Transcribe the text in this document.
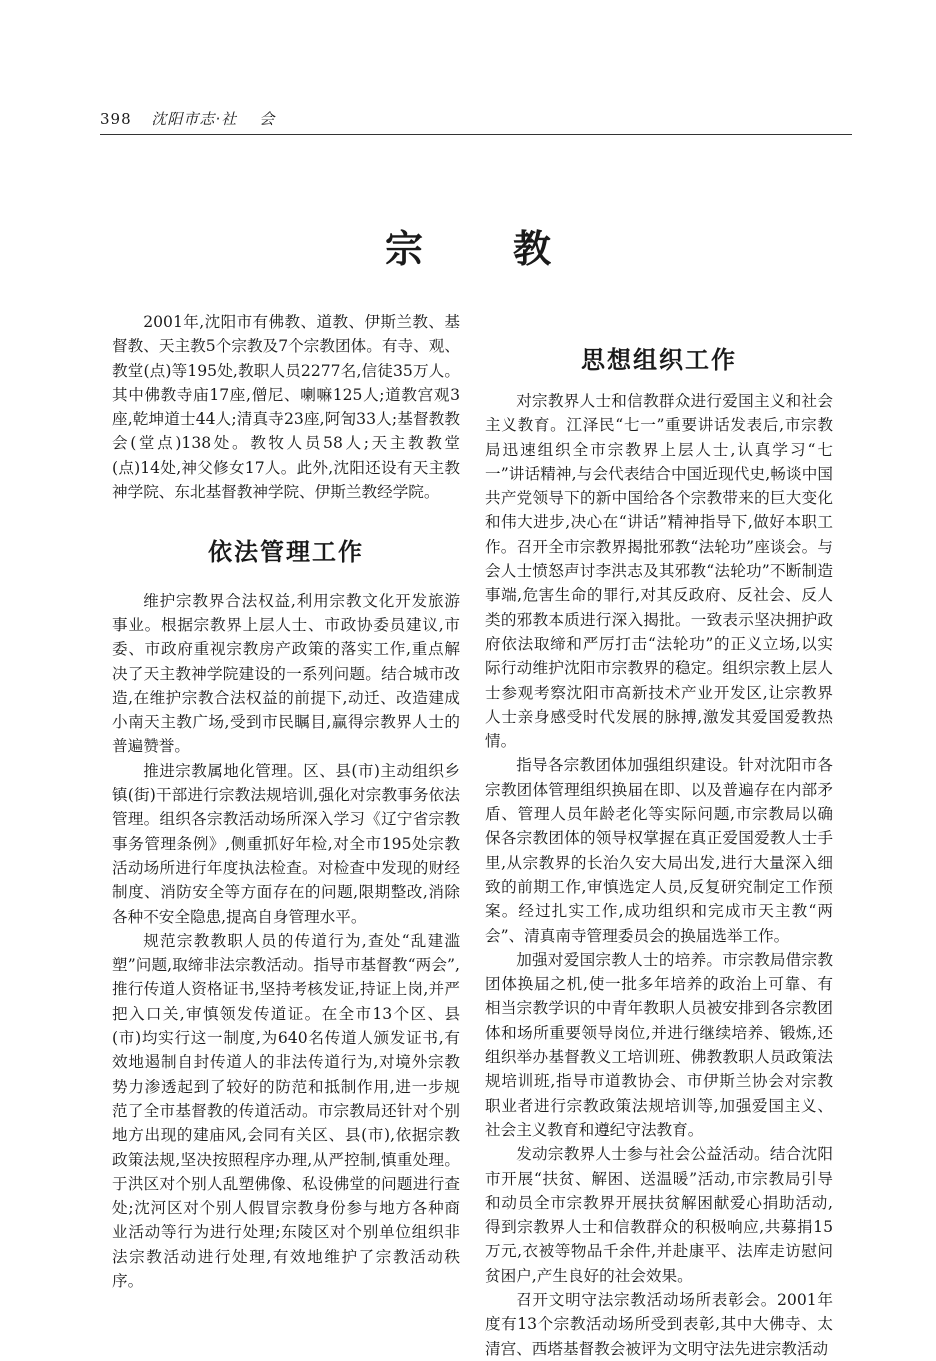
398 沈阳市志·社 会
宗教

2001年,沈阳市有佛教、道教、伊斯兰教、基督教、天主教5个宗教及7个宗教团体。有寺、观、教堂(点)等195处,教职人员2277名,信徒35万人。其中佛教寺庙17座,僧尼、喇嘛125人;道教宫观3座,乾坤道士44人;清真寺23座,阿訇33人;基督教教会(堂点)138处。教牧人员58人;天主教教堂(点)14处,神父修女17人。此外,沈阳还设有天主教神学院、东北基督教神学院、伊斯兰教经学院。

依法管理工作

维护宗教界合法权益,利用宗教文化开发旅游事业。根据宗教界上层人士、市政协委员建议,市委、市政府重视宗教房产政策的落实工作,重点解决了天主教神学院建设的一系列问题。结合城市改造,在维护宗教合法权益的前提下,动迁、改造建成小南天主教广场,受到市民瞩目,赢得宗教界人士的普遍赞誉。

推进宗教属地化管理。区、县(市)主动组织乡镇(街)干部进行宗教法规培训,强化对宗教事务依法管理。组织各宗教活动场所深入学习《辽宁省宗教事务管理条例》,侧重抓好年检,对全市195处宗教活动场所进行年度执法检查。对检查中发现的财经制度、消防安全等方面存在的问题,限期整改,消除各种不安全隐患,提高自身管理水平。

规范宗教教职人员的传道行为,查处“乱建滥塑”问题,取缔非法宗教活动。指导市基督教“两会”,推行传道人资格证书,坚持考核发证,持证上岗,并严把入口关,审慎领发传道证。在全市13个区、县(市)均实行这一制度,为640名传道人颁发证书,有效地遏制自封传道人的非法传道行为,对境外宗教势力渗透起到了较好的防范和抵制作用,进一步规范了全市基督教的传道活动。市宗教局还针对个别地方出现的建庙风,会同有关区、县(市),依据宗教政策法规,坚决按照程序办理,从严控制,慎重处理。于洪区对个别人乱塑佛像、私设佛堂的问题进行查处;沈河区对个别人假冒宗教身份参与地方各种商业活动等行为进行处理;东陵区对个别单位组织非法宗教活动进行处理,有效地维护了宗教活动秩序。

思想组织工作

对宗教界人士和信教群众进行爱国主义和社会主义教育。江泽民“七一”重要讲话发表后,市宗教局迅速组织全市宗教界上层人士,认真学习“七一”讲话精神,与会代表结合中国近现代史,畅谈中国共产党领导下的新中国给各个宗教带来的巨大变化和伟大进步,决心在“讲话”精神指导下,做好本职工作。召开全市宗教界揭批邪教“法轮功”座谈会。与会人士愤怒声讨李洪志及其邪教“法轮功”不断制造事端,危害生命的罪行,对其反政府、反社会、反人类的邪教本质进行深入揭批。一致表示坚决拥护政府依法取缔和严厉打击“法轮功”的正义立场,以实际行动维护沈阳市宗教界的稳定。组织宗教上层人士参观考察沈阳市高新技术产业开发区,让宗教界人士亲身感受时代发展的脉搏,激发其爱国爱教热情。

指导各宗教团体加强组织建设。针对沈阳市各宗教团体管理组织换届在即、以及普遍存在内部矛盾、管理人员年龄老化等实际问题,市宗教局以确保各宗教团体的领导权掌握在真正爱国爱教人士手里,从宗教界的长治久安大局出发,进行大量深入细致的前期工作,审慎选定人员,反复研究制定工作预案。经过扎实工作,成功组织和完成市天主教“两会”、清真南寺管理委员会的换届选举工作。

加强对爱国宗教人士的培养。市宗教局借宗教团体换届之机,使一批多年培养的政治上可靠、有相当宗教学识的中青年教职人员被安排到各宗教团体和场所重要领导岗位,并进行继续培养、锻炼,还组织举办基督教义工培训班、佛教教职人员政策法规培训班,指导市道教协会、市伊斯兰协会对宗教职业者进行宗教政策法规培训等,加强爱国主义、社会主义教育和遵纪守法教育。

发动宗教界人士参与社会公益活动。结合沈阳市开展“扶贫、解困、送温暖”活动,市宗教局引导和动员全市宗教界开展扶贫解困献爱心捐助活动,得到宗教界人士和信教群众的积极响应,共募捐15万元,衣被等物品千余件,并赴康平、法库走访慰问贫困户,产生良好的社会效果。

召开文明守法宗教活动场所表彰会。2001年度有13个宗教活动场所受到表彰,其中大佛寺、太清宫、西塔基督教会被评为文明守法先进宗教活动
